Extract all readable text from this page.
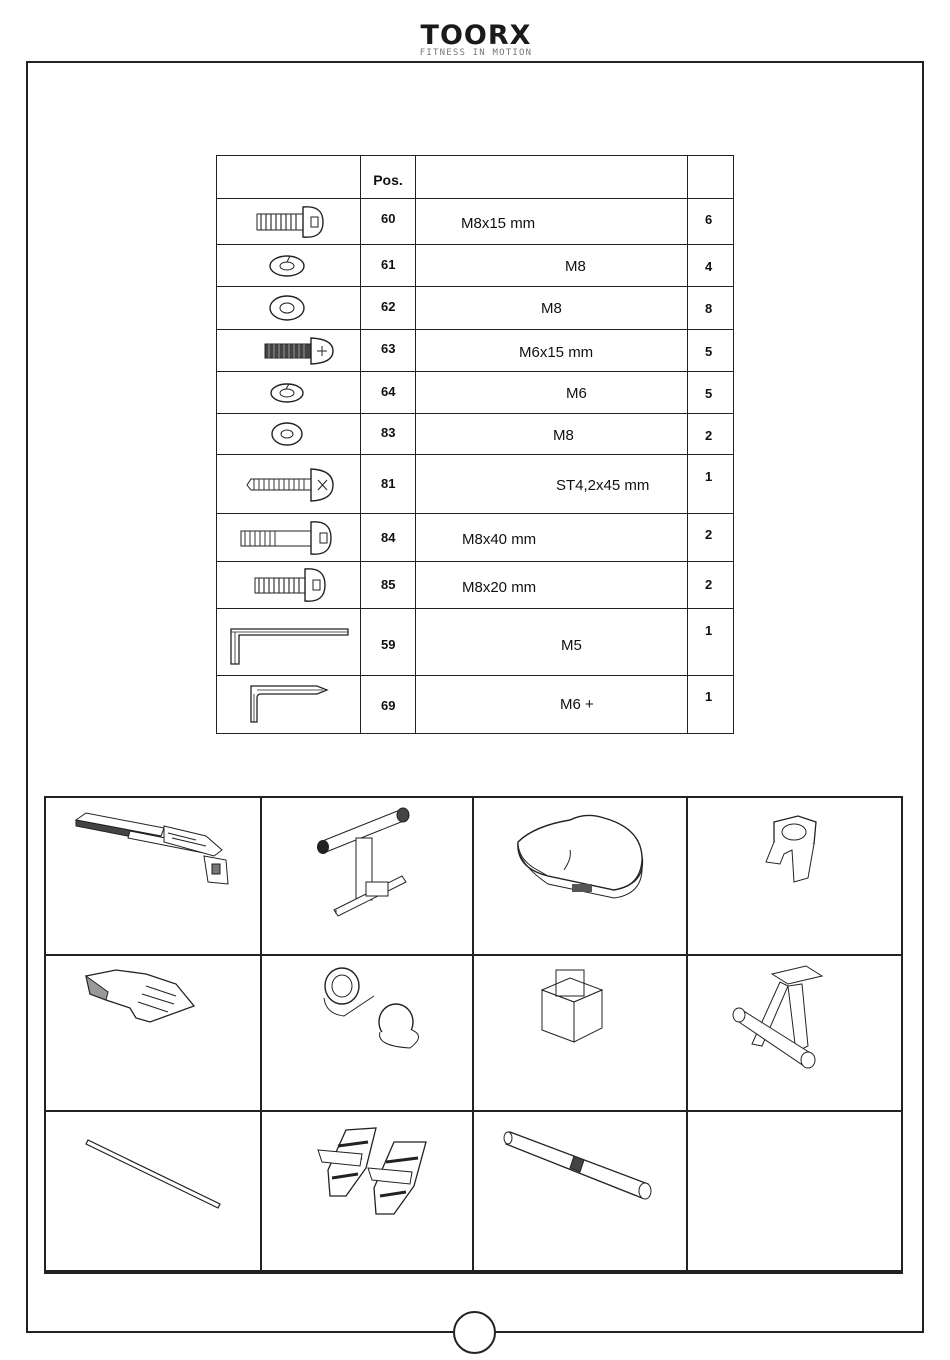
TOORX
FITNESS IN MOTION
	Pos.		

60	M8x15 mm	6

61	M8	4

62	M8	8

63	M6x15 mm	5

64	M6	5

83	M8	2

81	ST4,2x45 mm	1

84	M8x40 mm	2

85	M8x20 mm	2

59	M5	1

69	M6 +	1
